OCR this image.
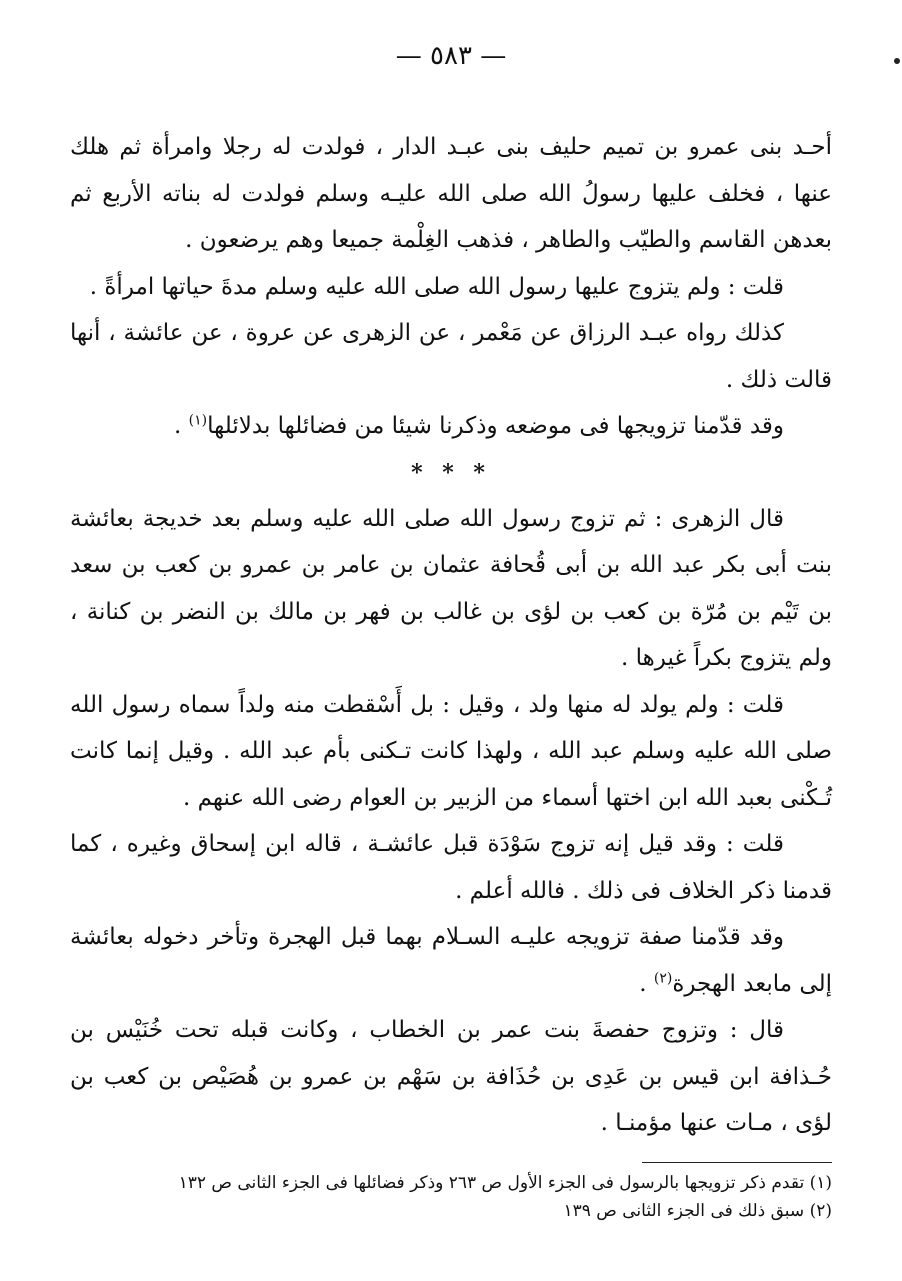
— ٥٨٣ —

أحـد بنى عمرو بن تميم حليف بنى عبـد الدار ، فولدت له رجلا وامرأة ثم هلك عنها ، فخلف عليها رسولُ الله صلى الله عليـه وسلم فولدت له بناته الأربع ثم بعدهن القاسم والطيّب والطاهر ، فذهب الغِلْمة جميعا وهم يرضعون .

قلت : ولم يتزوج عليها رسول الله صلى الله عليه وسلم مدةَ حياتها امرأةً .

كذلك رواه عبـد الرزاق عن مَعْمر ، عن الزهرى عن عروة ، عن عائشة ، أنها قالت ذلك .

وقد قدّمنا تزويجها فى موضعه وذكرنا شيئا من فضائلها بدلائلها$^{(١)}$ .

* * *

قال الزهرى : ثم تزوج رسول الله صلى الله عليه وسلم بعد خديجة بعائشة بنت أبى بكر عبد الله بن أبى قُحافة عثمان بن عامر بن عمرو بن كعب بن سعد بن تَيْم بن مُرّة بن كعب بن لؤى بن غالب بن فهر بن مالك بن النضر بن كنانة ، ولم يتزوج بكراً غيرها .

قلت : ولم يولد له منها ولد ، وقيل : بل أَسْقطت منه ولداً سماه رسول الله صلى الله عليه وسلم عبد الله ، ولهذا كانت تـكنى بأم عبد الله . وقيل إنما كانت تُـكْنى بعبد الله ابن اختها أسماء من الزبير بن العوام رضى الله عنهم .

قلت : وقد قيل إنه تزوج سَوْدَة قبل عائشـة ، قاله ابن إسحاق وغيره ، كما قدمنا ذكر الخلاف فى ذلك . فالله أعلم .

وقد قدّمنا صفة تزويجه عليـه السـلام بهما قبل الهجرة وتأخر دخوله بعائشة إلى مابعد الهجرة$^{(٢)}$ .

قال : وتزوج حفصةَ بنت عمر بن الخطاب ، وكانت قبله تحت خُنَيْس بن حُـذافة ابن قيس بن عَدِى بن حُذَافة بن سَهْم بن عمرو بن هُصَيْص بن كعب بن لؤى ، مـات عنها مؤمنـا .

(١) تقدم ذكر تزويجها بالرسول فى الجزء الأول ص ٢٦٣ وذكر فضائلها فى الجزء الثانى ص ١٣٢

(٢) سبق ذلك فى الجزء الثانى ص ١٣٩
